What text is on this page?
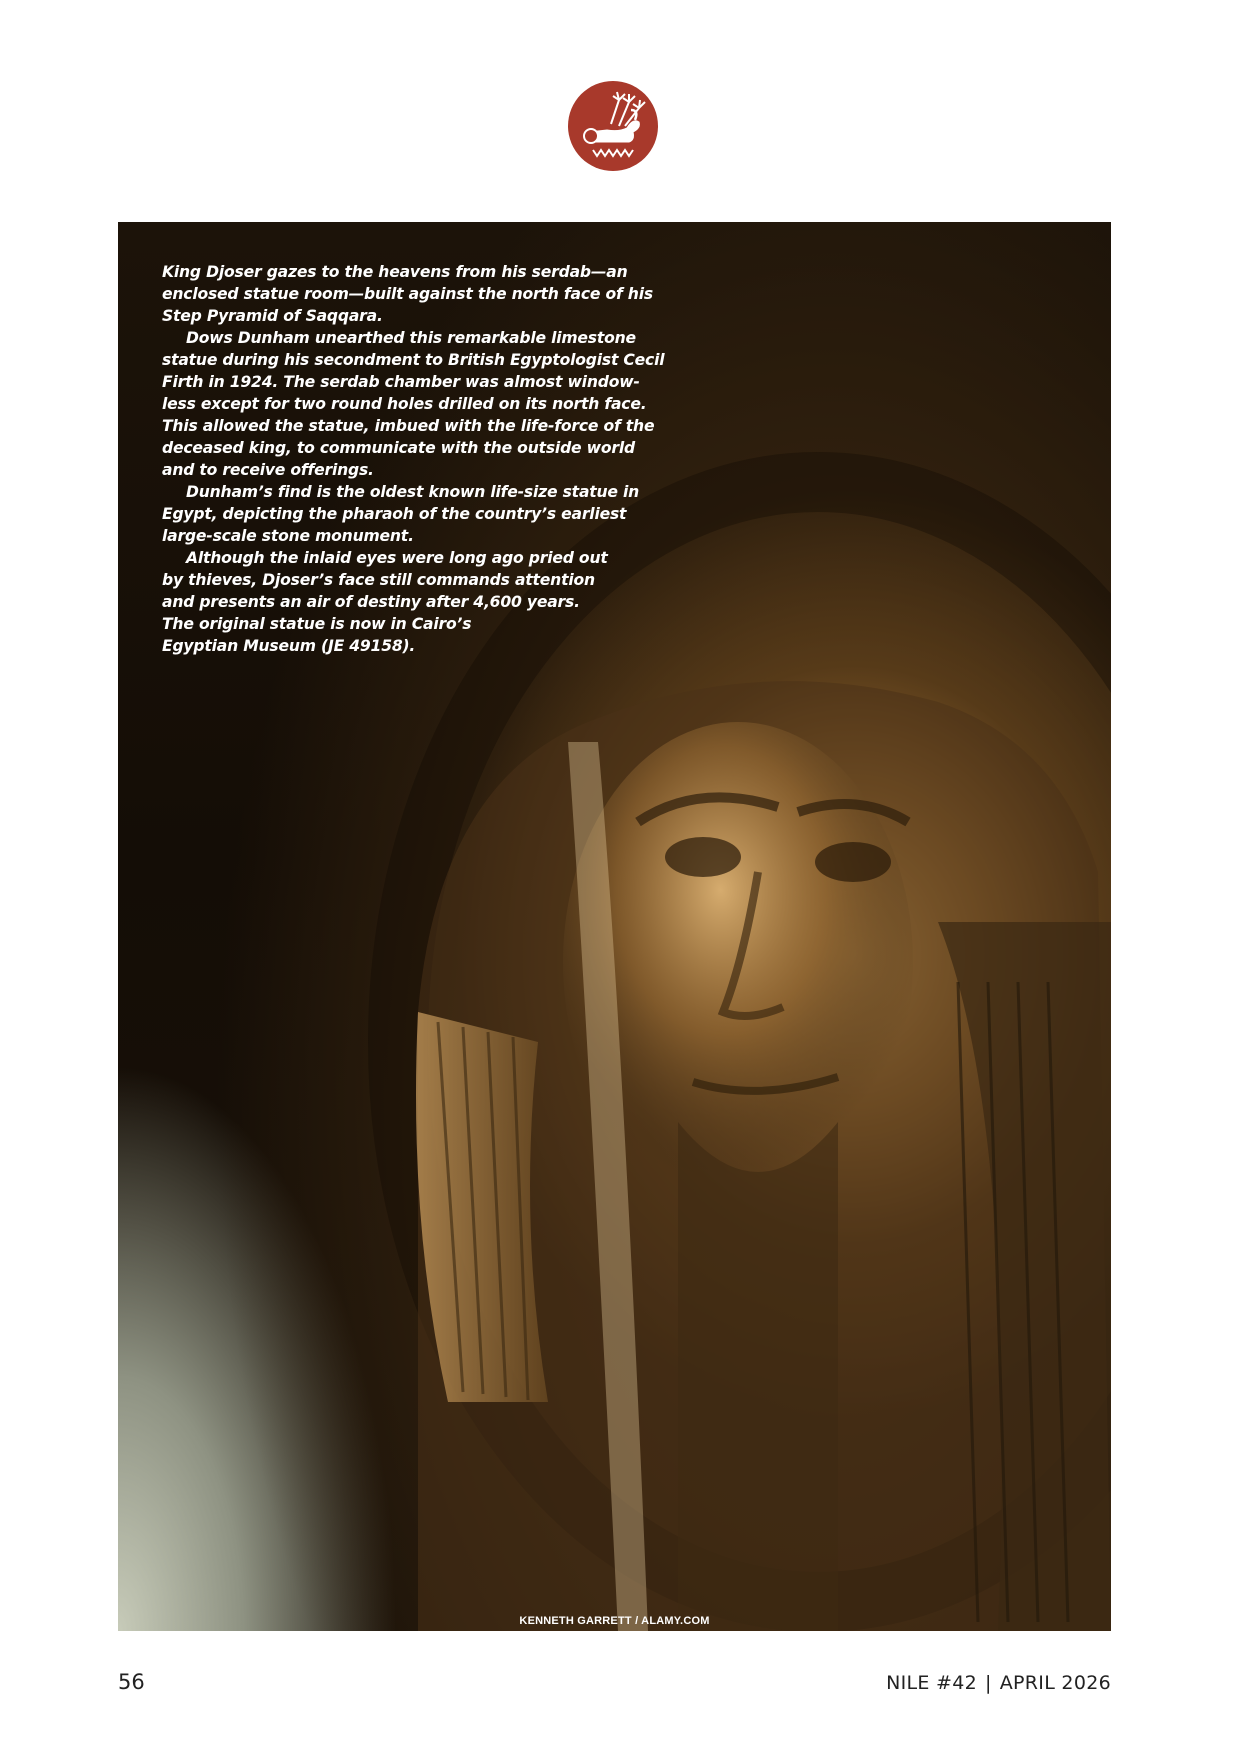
King Djoser gazes to the heavens from his serdab—an
enclosed statue room—built against the north face of his
Step Pyramid of Saqqara.
Dows Dunham unearthed this remarkable limestone
statue during his secondment to British Egyptologist Cecil
Firth in 1924. The serdab chamber was almost window-
less except for two round holes drilled on its north face.
This allowed the statue, imbued with the life-force of the
deceased king, to communicate with the outside world
and to receive offerings.
Dunham’s find is the oldest known life-size statue in
Egypt, depicting the pharaoh of the country’s earliest
large-scale stone monument.
Although the inlaid eyes were long ago pried out
by thieves, Djoser’s face still commands attention
and presents an air of destiny after 4,600 years.
The original statue is now in Cairo’s
Egyptian Museum (JE 49158).

KENNETH GARRETT / ALAMY.COM
56	NILE #42 | APRIL 2026
